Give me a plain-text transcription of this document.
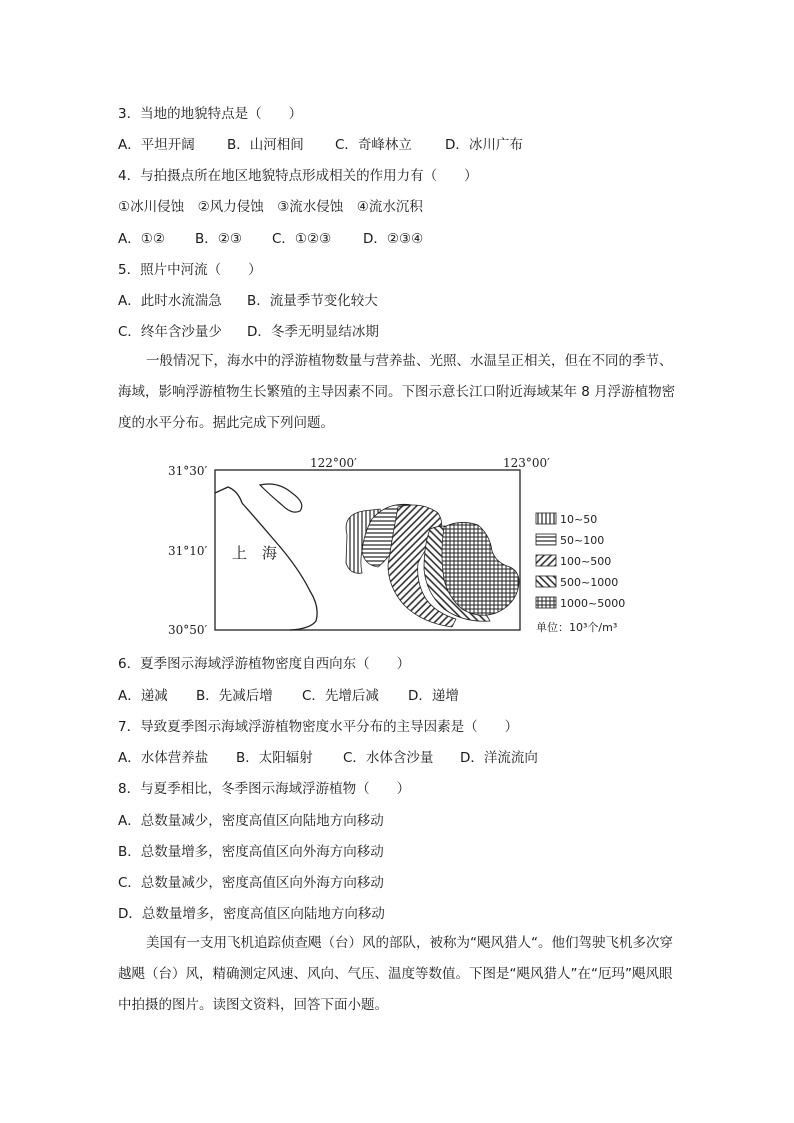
3．当地的地貌特点是（　　）
A．平坦开阔 B．山河相间 C．奇峰林立 D．冰川广布
4．与拍摄点所在地区地貌特点形成相关的作用力有（　　）
①冰川侵蚀　②风力侵蚀　③流水侵蚀　④流水沉积
A．①② B．②③ C．①②③ D．②③④
5．照片中河流（　　）
A．此时水流湍急 B．流量季节变化较大
C．终年含沙量少 D．冬季无明显结冰期
一般情况下，海水中的浮游植物数量与营养盐、光照、水温呈正相关，但在不同的季节、海域，影响浮游植物生长繁殖的主导因素不同。下图示意长江口附近海域某年 8 月浮游植物密度的水平分布。据此完成下列问题。
31°30′
31°10′
30°50′
122°00′	123°00′
上　海
10~50
50~100
100~500
500~1000
1000~5000
单位：10³个/m³
6．夏季图示海域浮游植物密度自西向东（　　）
A．递减 B．先减后增 C．先增后减 D．递增
7．导致夏季图示海域浮游植物密度水平分布的主导因素是（　　）
A．水体营养盐 B．太阳辐射 C．水体含沙量 D．洋流流向
8．与夏季相比，冬季图示海域浮游植物（　　）
A．总数量减少，密度高值区向陆地方向移动
B．总数量增多，密度高值区向外海方向移动
C．总数量减少，密度高值区向外海方向移动
D．总数量增多，密度高值区向陆地方向移动
美国有一支用飞机追踪侦查飓（台）风的部队，被称为“飓风猎人“。他们驾驶飞机多次穿越飓（台）风，精确测定风速、风向、气压、温度等数值。下图是“飓风猎人”在“厄玛”飓风眼中拍摄的图片。读图文资料，回答下面小题。
